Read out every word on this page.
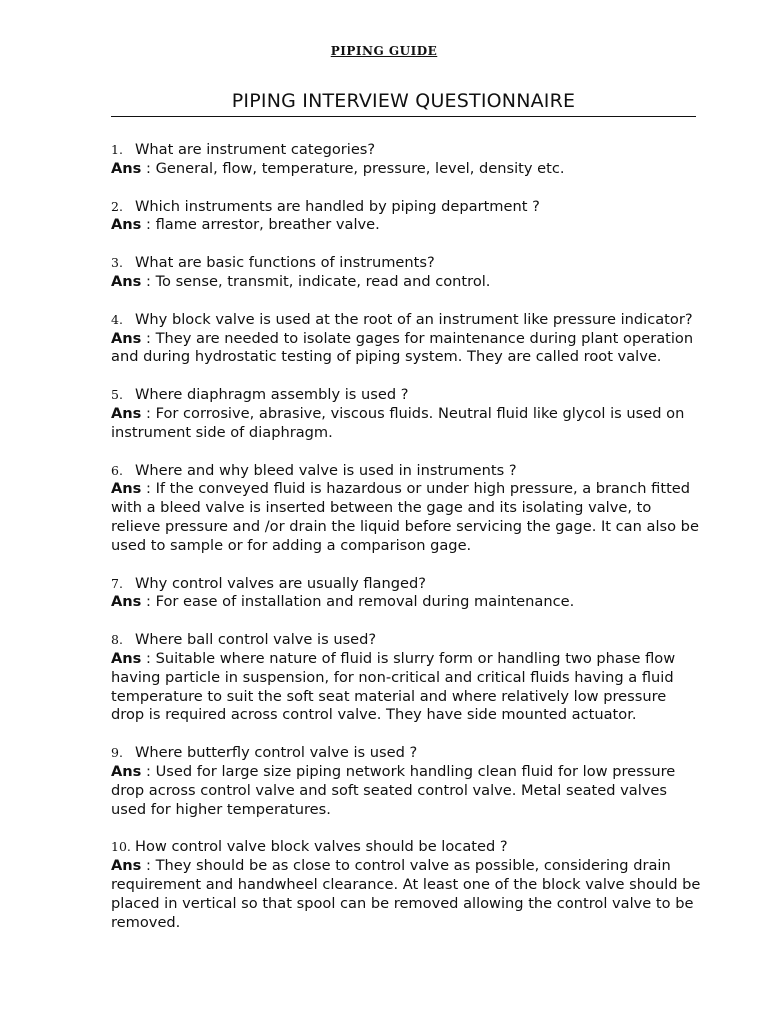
PIPING GUIDE
PIPING INTERVIEW QUESTIONNAIRE
1. What are instrument categories?
Ans : General, flow, temperature, pressure, level, density etc.
2. Which instruments are handled by piping department ?
Ans : flame arrestor, breather valve.
3. What are basic functions of instruments?
Ans : To sense, transmit, indicate, read and control.
4. Why block valve is used at the root of an instrument like pressure indicator?
Ans : They are needed to isolate gages for maintenance during plant operation and during hydrostatic testing of piping system. They are called root valve.
5. Where diaphragm assembly is used ?
Ans : For corrosive, abrasive, viscous fluids. Neutral fluid like glycol is used on instrument side of diaphragm.
6. Where and why bleed valve is used in instruments ?
Ans : If the conveyed fluid is hazardous or under high pressure, a branch fitted with a bleed valve is inserted between the gage and its isolating valve, to relieve pressure and /or drain the liquid before servicing the gage. It can also be used to sample or for adding a comparison gage.
7. Why control valves are usually flanged?
Ans : For ease of installation and removal during maintenance.
8. Where ball control valve is used?
Ans : Suitable where nature of fluid is slurry form or handling two phase flow having particle in suspension, for non-critical and critical fluids having a fluid temperature to suit the soft seat material and where relatively low pressure drop is required across control valve. They have side mounted actuator.
9. Where butterfly control valve is used ?
Ans : Used for large size piping network handling clean fluid for low pressure drop across control valve and soft seated control valve. Metal seated valves used for higher temperatures.
10. How control valve block valves should be located ?
Ans : They should be as close to control valve as possible, considering drain requirement and handwheel clearance. At least one of the block valve should be placed in vertical so that spool can be removed allowing the control valve to be removed.
